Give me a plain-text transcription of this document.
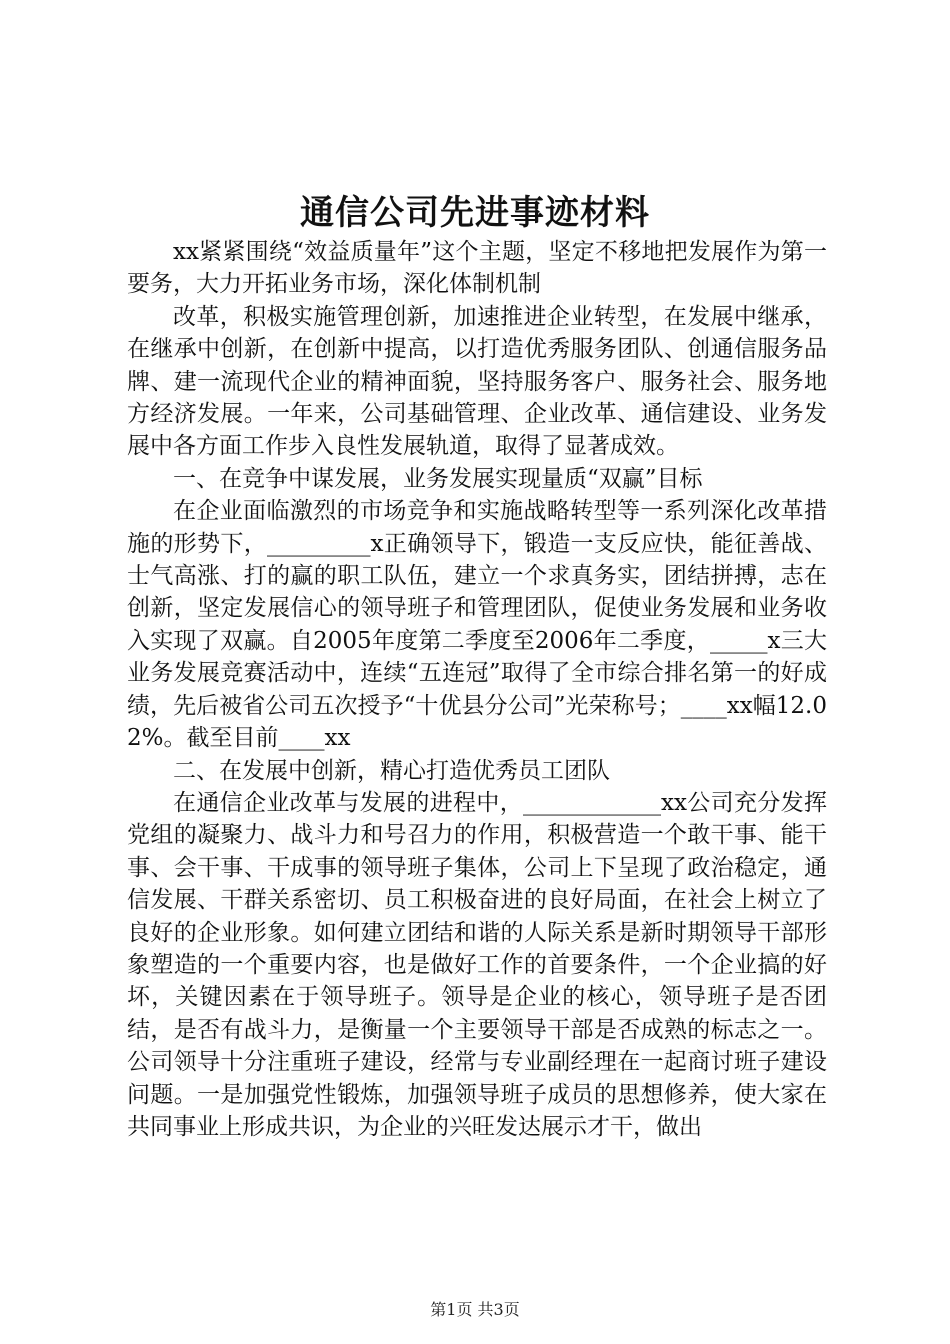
通信公司先进事迹材料

xx紧紧围绕“效益质量年”这个主题，坚定不移地把发展作为第一要务，大力开拓业务市场，深化体制机制

改革，积极实施管理创新，加速推进企业转型，在发展中继承，在继承中创新，在创新中提高，以打造优秀服务团队、创通信服务品牌、建一流现代企业的精神面貌，坚持服务客户、服务社会、服务地方经济发展。一年来，公司基础管理、企业改革、通信建设、业务发展中各方面工作步入良性发展轨道，取得了显著成效。

一、在竞争中谋发展，业务发展实现量质“双赢”目标

在企业面临激烈的市场竞争和实施战略转型等一系列深化改革措施的形势下，_________x正确领导下，锻造一支反应快，能征善战、士气高涨、打的赢的职工队伍，建立一个求真务实，团结拼搏，志在创新，坚定发展信心的领导班子和管理团队，促使业务发展和业务收入实现了双赢。自2005年度第二季度至2006年二季度，_____x三大业务发展竞赛活动中，连续“五连冠”取得了全市综合排名第一的好成绩，先后被省公司五次授予“十优县分公司”光荣称号；____xx幅12.02%。截至目前____xx

二、在发展中创新，精心打造优秀员工团队

在通信企业改革与发展的进程中，____________xx公司充分发挥党组的凝聚力、战斗力和号召力的作用，积极营造一个敢干事、能干事、会干事、干成事的领导班子集体，公司上下呈现了政治稳定，通信发展、干群关系密切、员工积极奋进的良好局面，在社会上树立了良好的企业形象。如何建立团结和谐的人际关系是新时期领导干部形象塑造的一个重要内容，也是做好工作的首要条件，一个企业搞的好坏，关键因素在于领导班子。领导是企业的核心，领导班子是否团结，是否有战斗力，是衡量一个主要领导干部是否成熟的标志之一。公司领导十分注重班子建设，经常与专业副经理在一起商讨班子建设问题。一是加强党性锻炼，加强领导班子成员的思想修养，使大家在共同事业上形成共识，为企业的兴旺发达展示才干，做出

第1页 共3页
